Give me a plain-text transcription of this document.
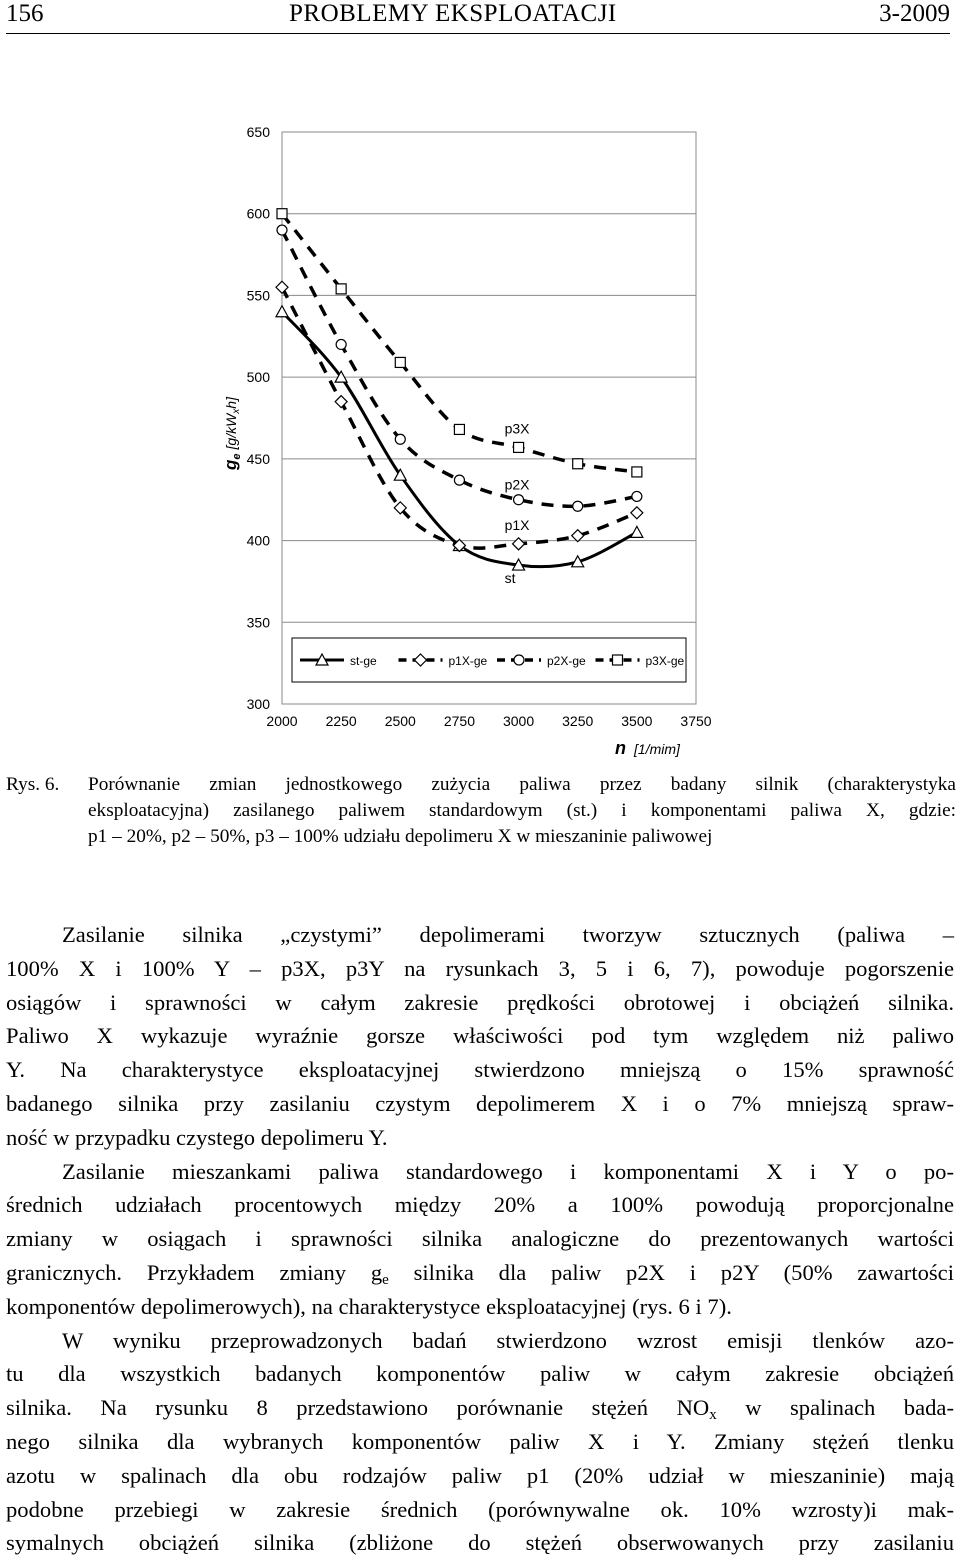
156	PROBLEMY EKSPLOATACJI	3-2009
300
350
400
450
500
550
600
650
2000 2250 2500 2750 3000 3250 3500 3750
st
p1X
p2X
p3X
$g_e[g/kW_xh]$
n [1/mim]
st-ge	p1X-ge	p2X-ge	p3X-ge
Rys. 6. Porównanie zmian jednostkowego zużycia paliwa przez badany silnik (charakterystyka
eksploatacyjna) zasilanego paliwem standardowym (st.) i komponentami paliwa X, gdzie:
p1 – 20%, p2 – 50%, p3 – 100% udziału depolimeru X w mieszaninie paliwowej
Zasilanie silnika „czystymi” depolimerami tworzyw sztucznych (paliwa –
100% X i 100% Y – p3X, p3Y na rysunkach 3, 5 i 6, 7), powoduje pogorszenie
osiągów i sprawności w całym zakresie prędkości obrotowej i obciążeń silnika.
Paliwo X wykazuje wyraźnie gorsze właściwości pod tym względem niż paliwo
Y. Na charakterystyce eksploatacyjnej stwierdzono mniejszą o 15% sprawność
badanego silnika przy zasilaniu czystym depolimerem X i o 7% mniejszą spraw-
ność w przypadku czystego depolimeru Y.
Zasilanie mieszankami paliwa standardowego i komponentami X i Y o po-
średnich udziałach procentowych między 20% a 100% powodują proporcjonalne
zmiany w osiągach i sprawności silnika analogiczne do prezentowanych wartości
granicznych. Przykładem zmiany $g_e$ silnika dla paliw p2X i p2Y (50% zawartości
komponentów depolimerowych), na charakterystyce eksploatacyjnej (rys. 6 i 7).
W wyniku przeprowadzonych badań stwierdzono wzrost emisji tlenków azo-
tu dla wszystkich badanych komponentów paliw w całym zakresie obciążeń
silnika. Na rysunku 8 przedstawiono porównanie stężeń $NO_x$ w spalinach bada-
nego silnika dla wybranych komponentów paliw X i Y. Zmiany stężeń tlenku
azotu w spalinach dla obu rodzajów paliw p1 (20% udział w mieszaninie) mają
podobne przebiegi w zakresie średnich (porównywalne ok. 10% wzrosty)i mak-
symalnych obciążeń silnika (zbliżone do stężeń obserwowanych przy zasilaniu
